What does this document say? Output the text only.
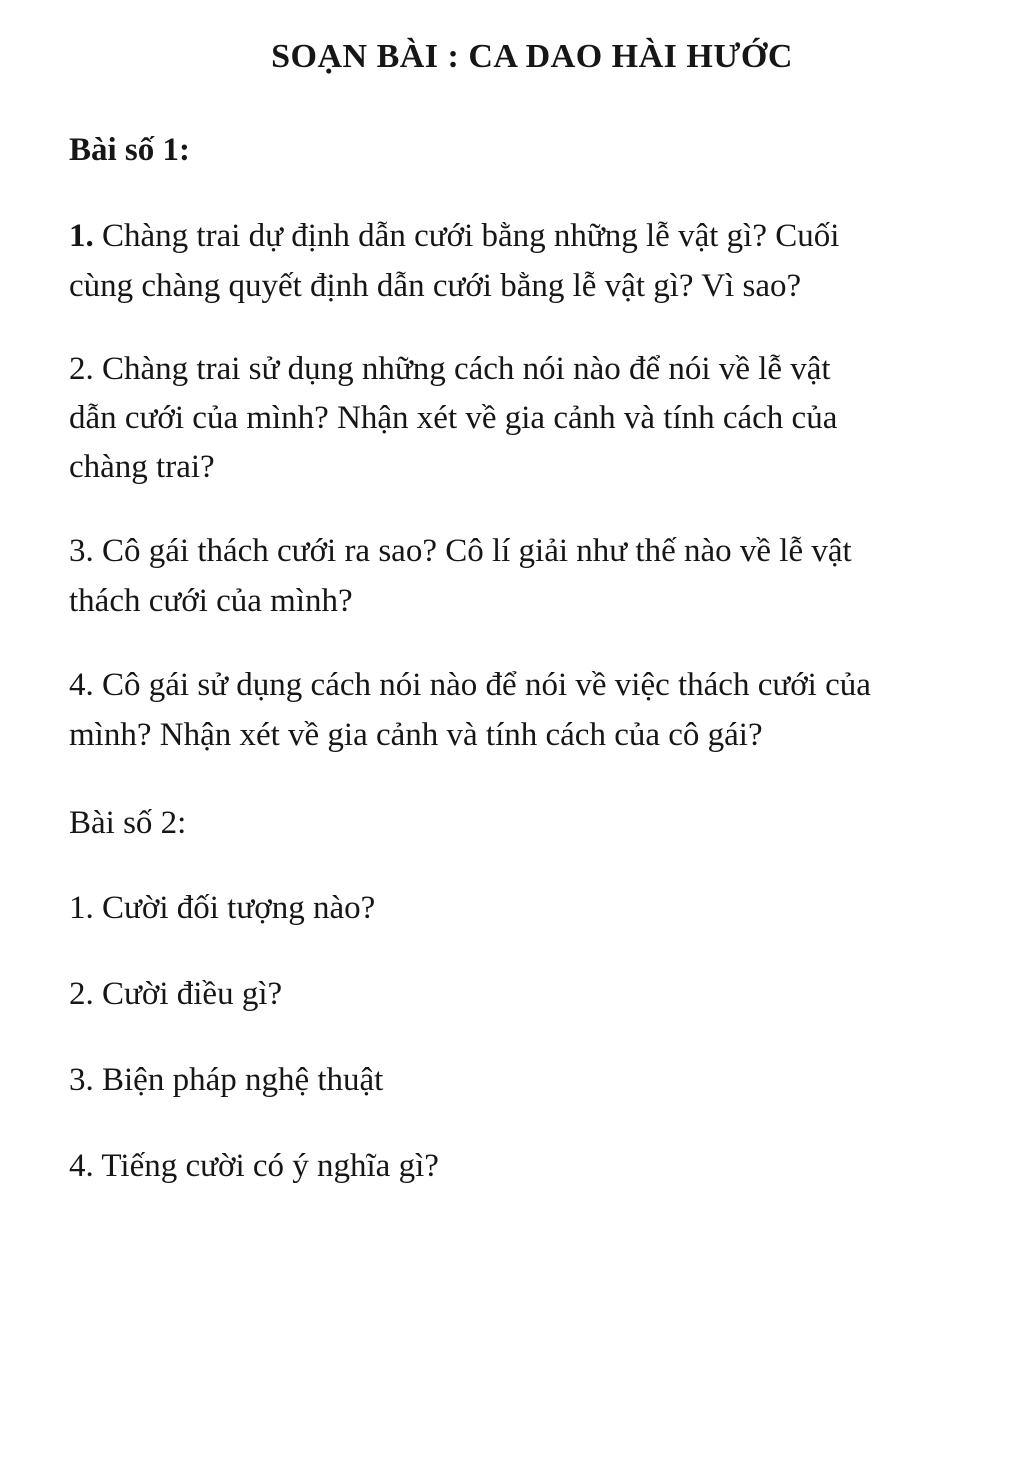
SOẠN BÀI : CA DAO HÀI HƯỚC
Bài số 1:
1. Chàng trai dự định dẫn cưới bằng những lễ vật gì? Cuối
cùng chàng quyết định dẫn cưới bằng lễ vật gì? Vì sao?
2. Chàng trai sử dụng những cách nói nào để nói về lễ vật
dẫn cưới của mình? Nhận xét về gia cảnh và tính cách của
chàng trai?
3. Cô gái thách cưới ra sao? Cô lí giải như thế nào về lễ vật
thách cưới của mình?
4. Cô gái sử dụng cách nói nào để nói về việc thách cưới của
mình? Nhận xét về gia cảnh và tính cách của cô gái?
Bài số 2:
1. Cười đối tượng nào?
2. Cười điều gì?
3. Biện pháp nghệ thuật
4. Tiếng cười có ý nghĩa gì?
